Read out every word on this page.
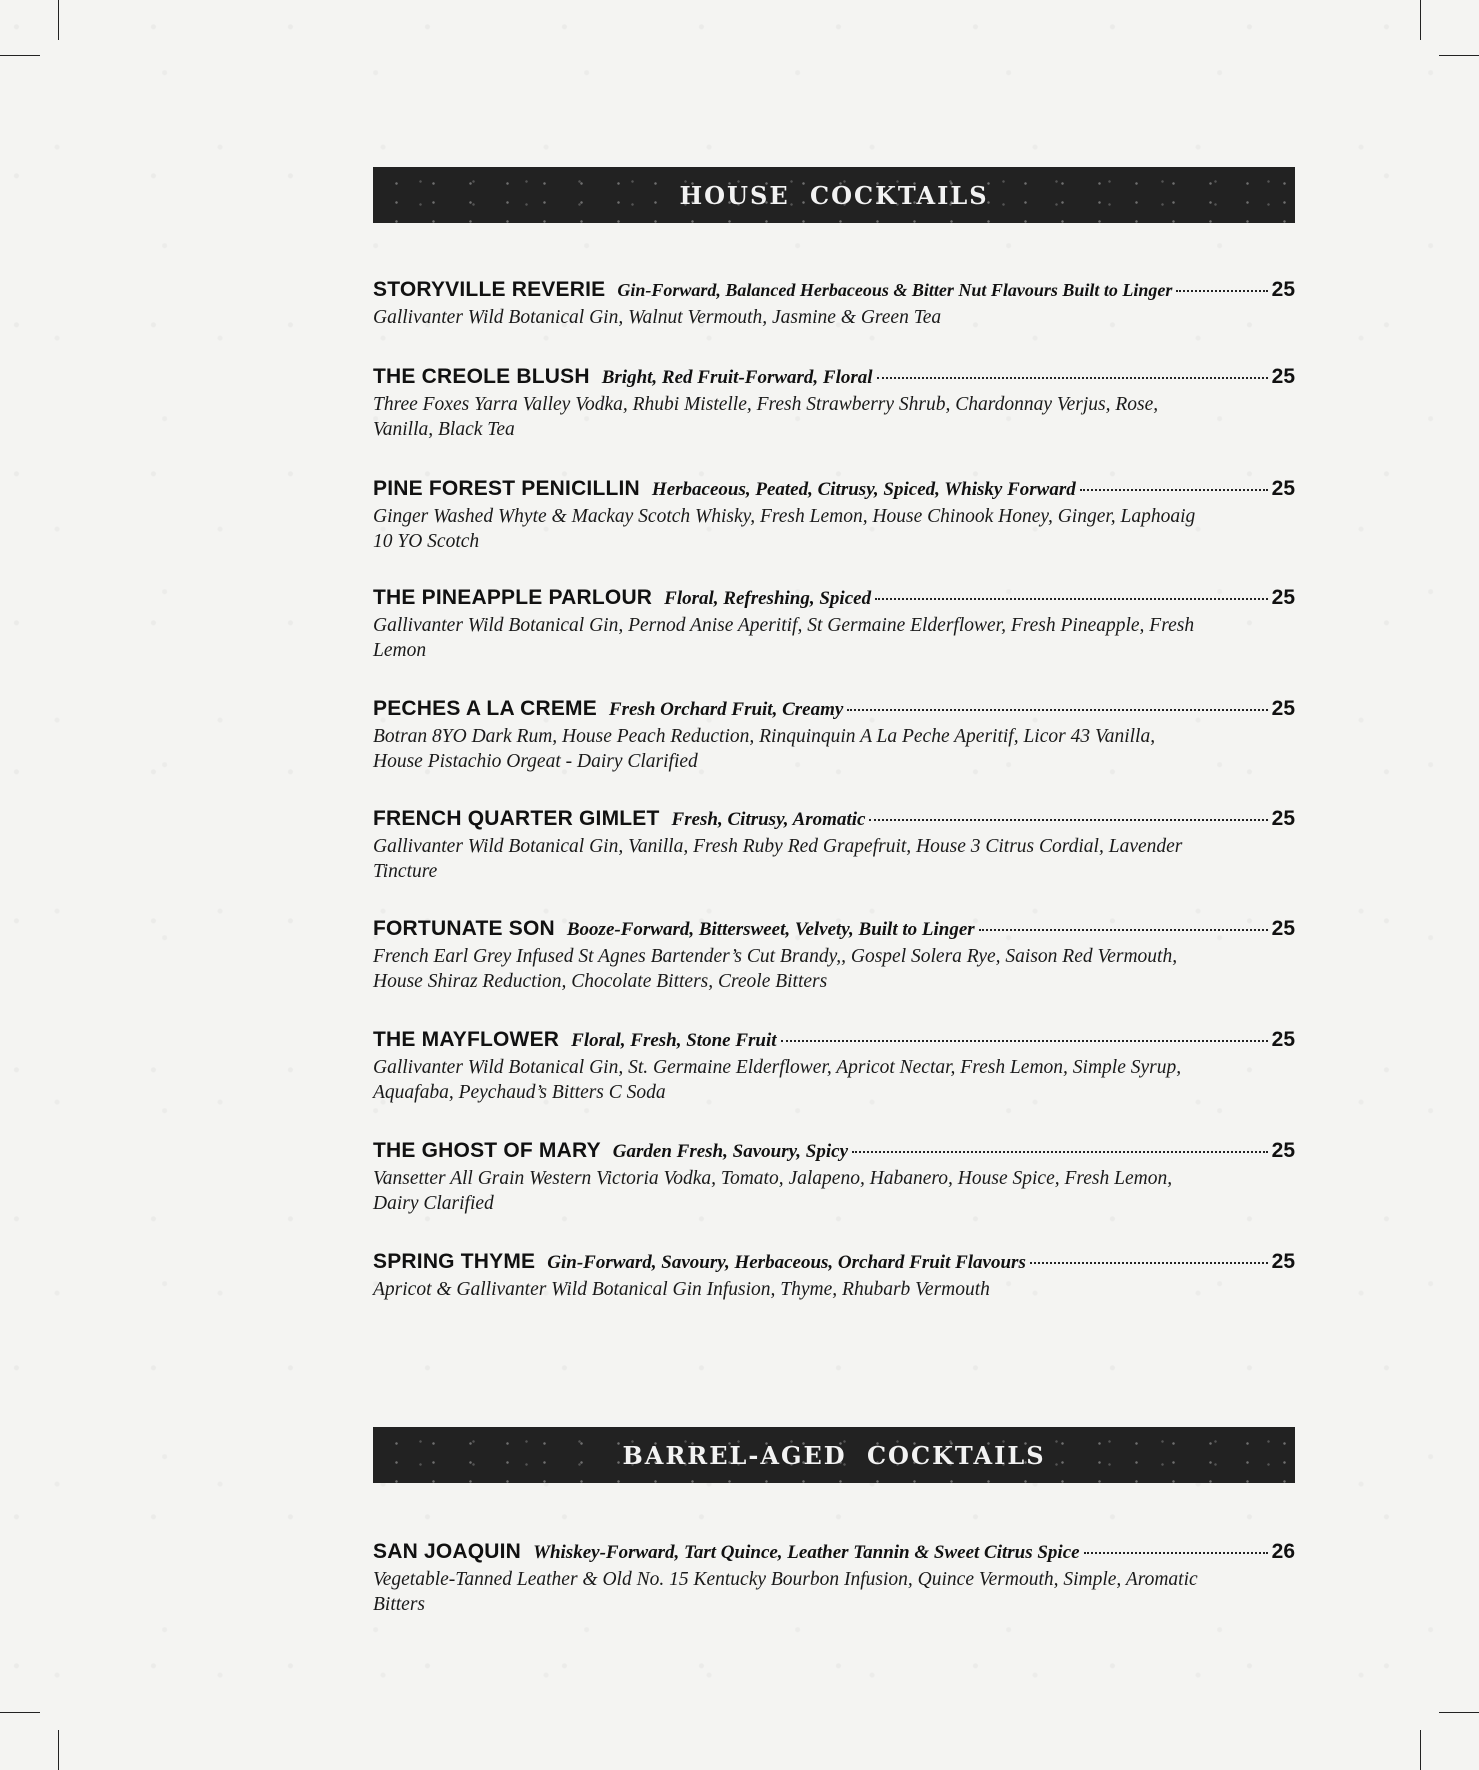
HOUSE COCKTAILS
STORYVILLE REVERIE Gin-Forward, Balanced Herbaceous & Bitter Nut Flavours Built to Linger	25
Gallivanter Wild Botanical Gin, Walnut Vermouth, Jasmine & Green Tea
THE CREOLE BLUSH Bright, Red Fruit-Forward, Floral	25
Three Foxes Yarra Valley Vodka, Rhubi Mistelle, Fresh Strawberry Shrub, Chardonnay Verjus, Rose, Vanilla, Black Tea
PINE FOREST PENICILLIN Herbaceous, Peated, Citrusy, Spiced, Whisky Forward	25
Ginger Washed Whyte & Mackay Scotch Whisky, Fresh Lemon, House Chinook Honey, Ginger, Laphoaig 10 YO Scotch
THE PINEAPPLE PARLOUR Floral, Refreshing, Spiced	25
Gallivanter Wild Botanical Gin, Pernod Anise Aperitif, St Germaine Elderflower, Fresh Pineapple, Fresh Lemon
PECHES A LA CREME Fresh Orchard Fruit, Creamy	25
Botran 8YO Dark Rum, House Peach Reduction, Rinquinquin A La Peche Aperitif, Licor 43 Vanilla, House Pistachio Orgeat - Dairy Clarified
FRENCH QUARTER GIMLET Fresh, Citrusy, Aromatic	25
Gallivanter Wild Botanical Gin, Vanilla, Fresh Ruby Red Grapefruit, House 3 Citrus Cordial, Lavender Tincture
FORTUNATE SON Booze-Forward, Bittersweet, Velvety, Built to Linger	25
French Earl Grey Infused St Agnes Bartender’s Cut Brandy,, Gospel Solera Rye, Saison Red Vermouth, House Shiraz Reduction, Chocolate Bitters, Creole Bitters
THE MAYFLOWER Floral, Fresh, Stone Fruit	25
Gallivanter Wild Botanical Gin, St. Germaine Elderflower, Apricot Nectar, Fresh Lemon, Simple Syrup, Aquafaba, Peychaud’s Bitters C Soda
THE GHOST OF MARY Garden Fresh, Savoury, Spicy	25
Vansetter All Grain Western Victoria Vodka, Tomato, Jalapeno, Habanero, House Spice, Fresh Lemon, Dairy Clarified
SPRING THYME Gin-Forward, Savoury, Herbaceous, Orchard Fruit Flavours	25
Apricot & Gallivanter Wild Botanical Gin Infusion, Thyme, Rhubarb Vermouth
BARREL-AGED COCKTAILS
SAN JOAQUIN Whiskey-Forward, Tart Quince, Leather Tannin & Sweet Citrus Spice	26
Vegetable-Tanned Leather & Old No. 15 Kentucky Bourbon Infusion, Quince Vermouth, Simple, Aromatic Bitters
